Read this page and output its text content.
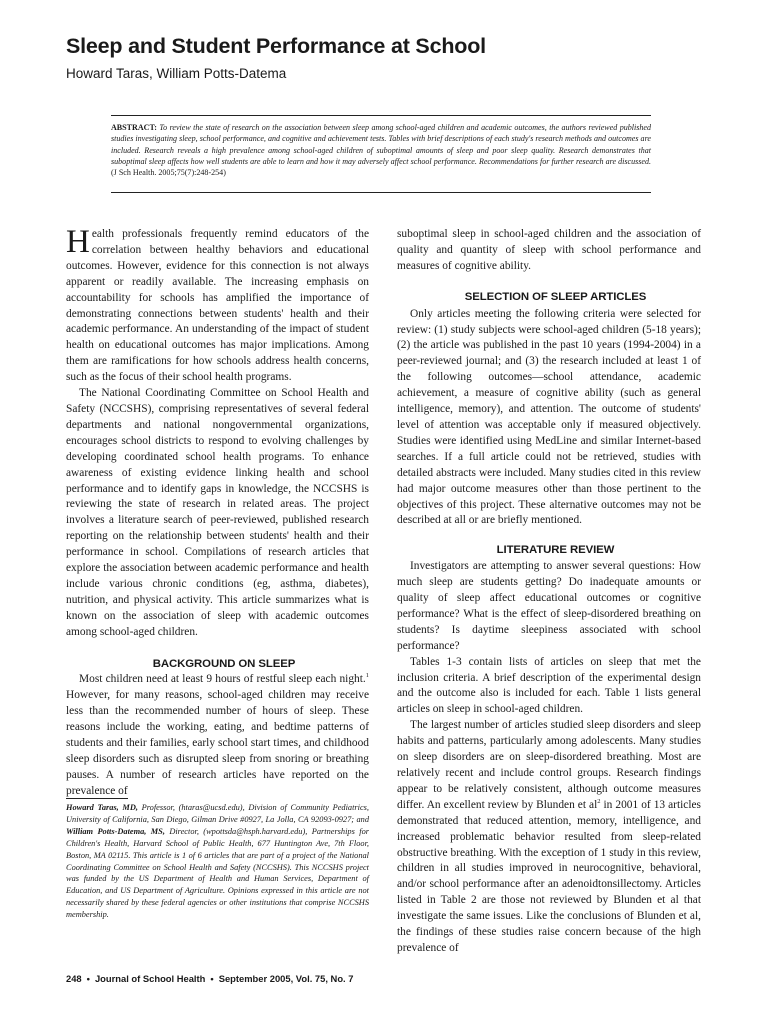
Sleep and Student Performance at School
Howard Taras, William Potts-Datema
ABSTRACT: To review the state of research on the association between sleep among school-aged children and academic outcomes, the authors reviewed published studies investigating sleep, school performance, and cognitive and achievement tests. Tables with brief descriptions of each study's research methods and outcomes are included. Research reveals a high prevalence among school-aged children of suboptimal amounts of sleep and poor sleep quality. Research demonstrates that suboptimal sleep affects how well students are able to learn and how it may adversely affect school performance. Recommendations for further research are discussed. (J Sch Health. 2005;75(7):248-254)

Health professionals frequently remind educators of the correlation between healthy behaviors and educational outcomes. However, evidence for this connection is not always apparent or readily available. The increasing emphasis on accountability for schools has amplified the importance of demonstrating connections between students' health and their academic performance. An understanding of the impact of student health on educational outcomes has major implications. Among them are ramifications for how schools address health concerns, such as the focus of their school health programs.

The National Coordinating Committee on School Health and Safety (NCCSHS), comprising representatives of several federal departments and national nongovernmental organizations, encourages school districts to respond to evolving challenges by developing coordinated school health programs. To enhance awareness of existing evidence linking health and school performance and to identify gaps in knowledge, the NCCSHS is reviewing the state of research in related areas. The project involves a literature search of peer-reviewed, published research reporting on the relationship between students' health and their performance in school. Compilations of research articles that explore the association between academic performance and health include various chronic conditions (eg, asthma, diabetes), nutrition, and physical activity. This article summarizes what is known on the association of sleep with academic outcomes among school-aged children.

BACKGROUND ON SLEEP

Most children need at least 9 hours of restful sleep each night.$^1$ However, for many reasons, school-aged children may receive less than the recommended number of hours of sleep. These reasons include the working, eating, and bedtime patterns of students and their families, early school start times, and childhood sleep disorders such as disrupted sleep from snoring or breathing pauses. A number of research articles have reported on the prevalence of

suboptimal sleep in school-aged children and the association of quality and quantity of sleep with school performance and measures of cognitive ability.

SELECTION OF SLEEP ARTICLES

Only articles meeting the following criteria were selected for review: (1) study subjects were school-aged children (5-18 years); (2) the article was published in the past 10 years (1994-2004) in a peer-reviewed journal; and (3) the research included at least 1 of the following outcomes—school attendance, academic achievement, a measure of cognitive ability (such as general intelligence, memory), and attention. The outcome of students' level of attention was acceptable only if measured objectively. Studies were identified using MedLine and similar Internet-based searches. If a full article could not be retrieved, studies with detailed abstracts were included. Many studies cited in this review had major outcome measures other than those pertinent to the objectives of this project. These alternative outcomes may not be described at all or are briefly mentioned.

LITERATURE REVIEW

Investigators are attempting to answer several questions: How much sleep are students getting? Do inadequate amounts or quality of sleep affect educational outcomes or cognitive performance? What is the effect of sleep-disordered breathing on students? Is daytime sleepiness associated with school performance?

Tables 1-3 contain lists of articles on sleep that met the inclusion criteria. A brief description of the experimental design and the outcome also is included for each. Table 1 lists general articles on sleep in school-aged children.

The largest number of articles studied sleep disorders and sleep habits and patterns, particularly among adolescents. Many studies on sleep disorders are on sleep-disordered breathing. Most are relatively recent and include control groups. Research findings appear to be relatively consistent, although outcome measures differ. An excellent review by Blunden et $al^2$ in 2001 of 13 articles demonstrated that reduced attention, memory, intelligence, and increased problematic behavior resulted from sleep-related obstructive breathing. With the exception of 1 study in this review, children in all studies improved in neurocognitive, behavioral, and/or school performance after an adenoidtonsillectomy. Articles listed in Table 2 are those not reviewed by Blunden et al that investigate the same issues. Like the conclusions of Blunden et al, the findings of these studies raise concern because of the high prevalence of

Howard Taras, MD, Professor, (htaras@ucsd.edu), Division of Community Pediatrics, University of California, San Diego, Gilman Drive #0927, La Jolla, CA 92093-0927; and William Potts-Datema, MS, Director, (wpottsda@hsph.harvard.edu), Partnerships for Children's Health, Harvard School of Public Health, 677 Huntington Ave, 7th Floor, Boston, MA 02115. This article is 1 of 6 articles that are part of a project of the National Coordinating Committee on School Health and Safety (NCCSHS). This NCCSHS project was funded by the US Department of Health and Human Services, Department of Education, and US Department of Agriculture. Opinions expressed in this article are not necessarily shared by these federal agencies or other institutions that comprise NCCSHS membership.
248 • Journal of School Health • September 2005, Vol. 75, No. 7
